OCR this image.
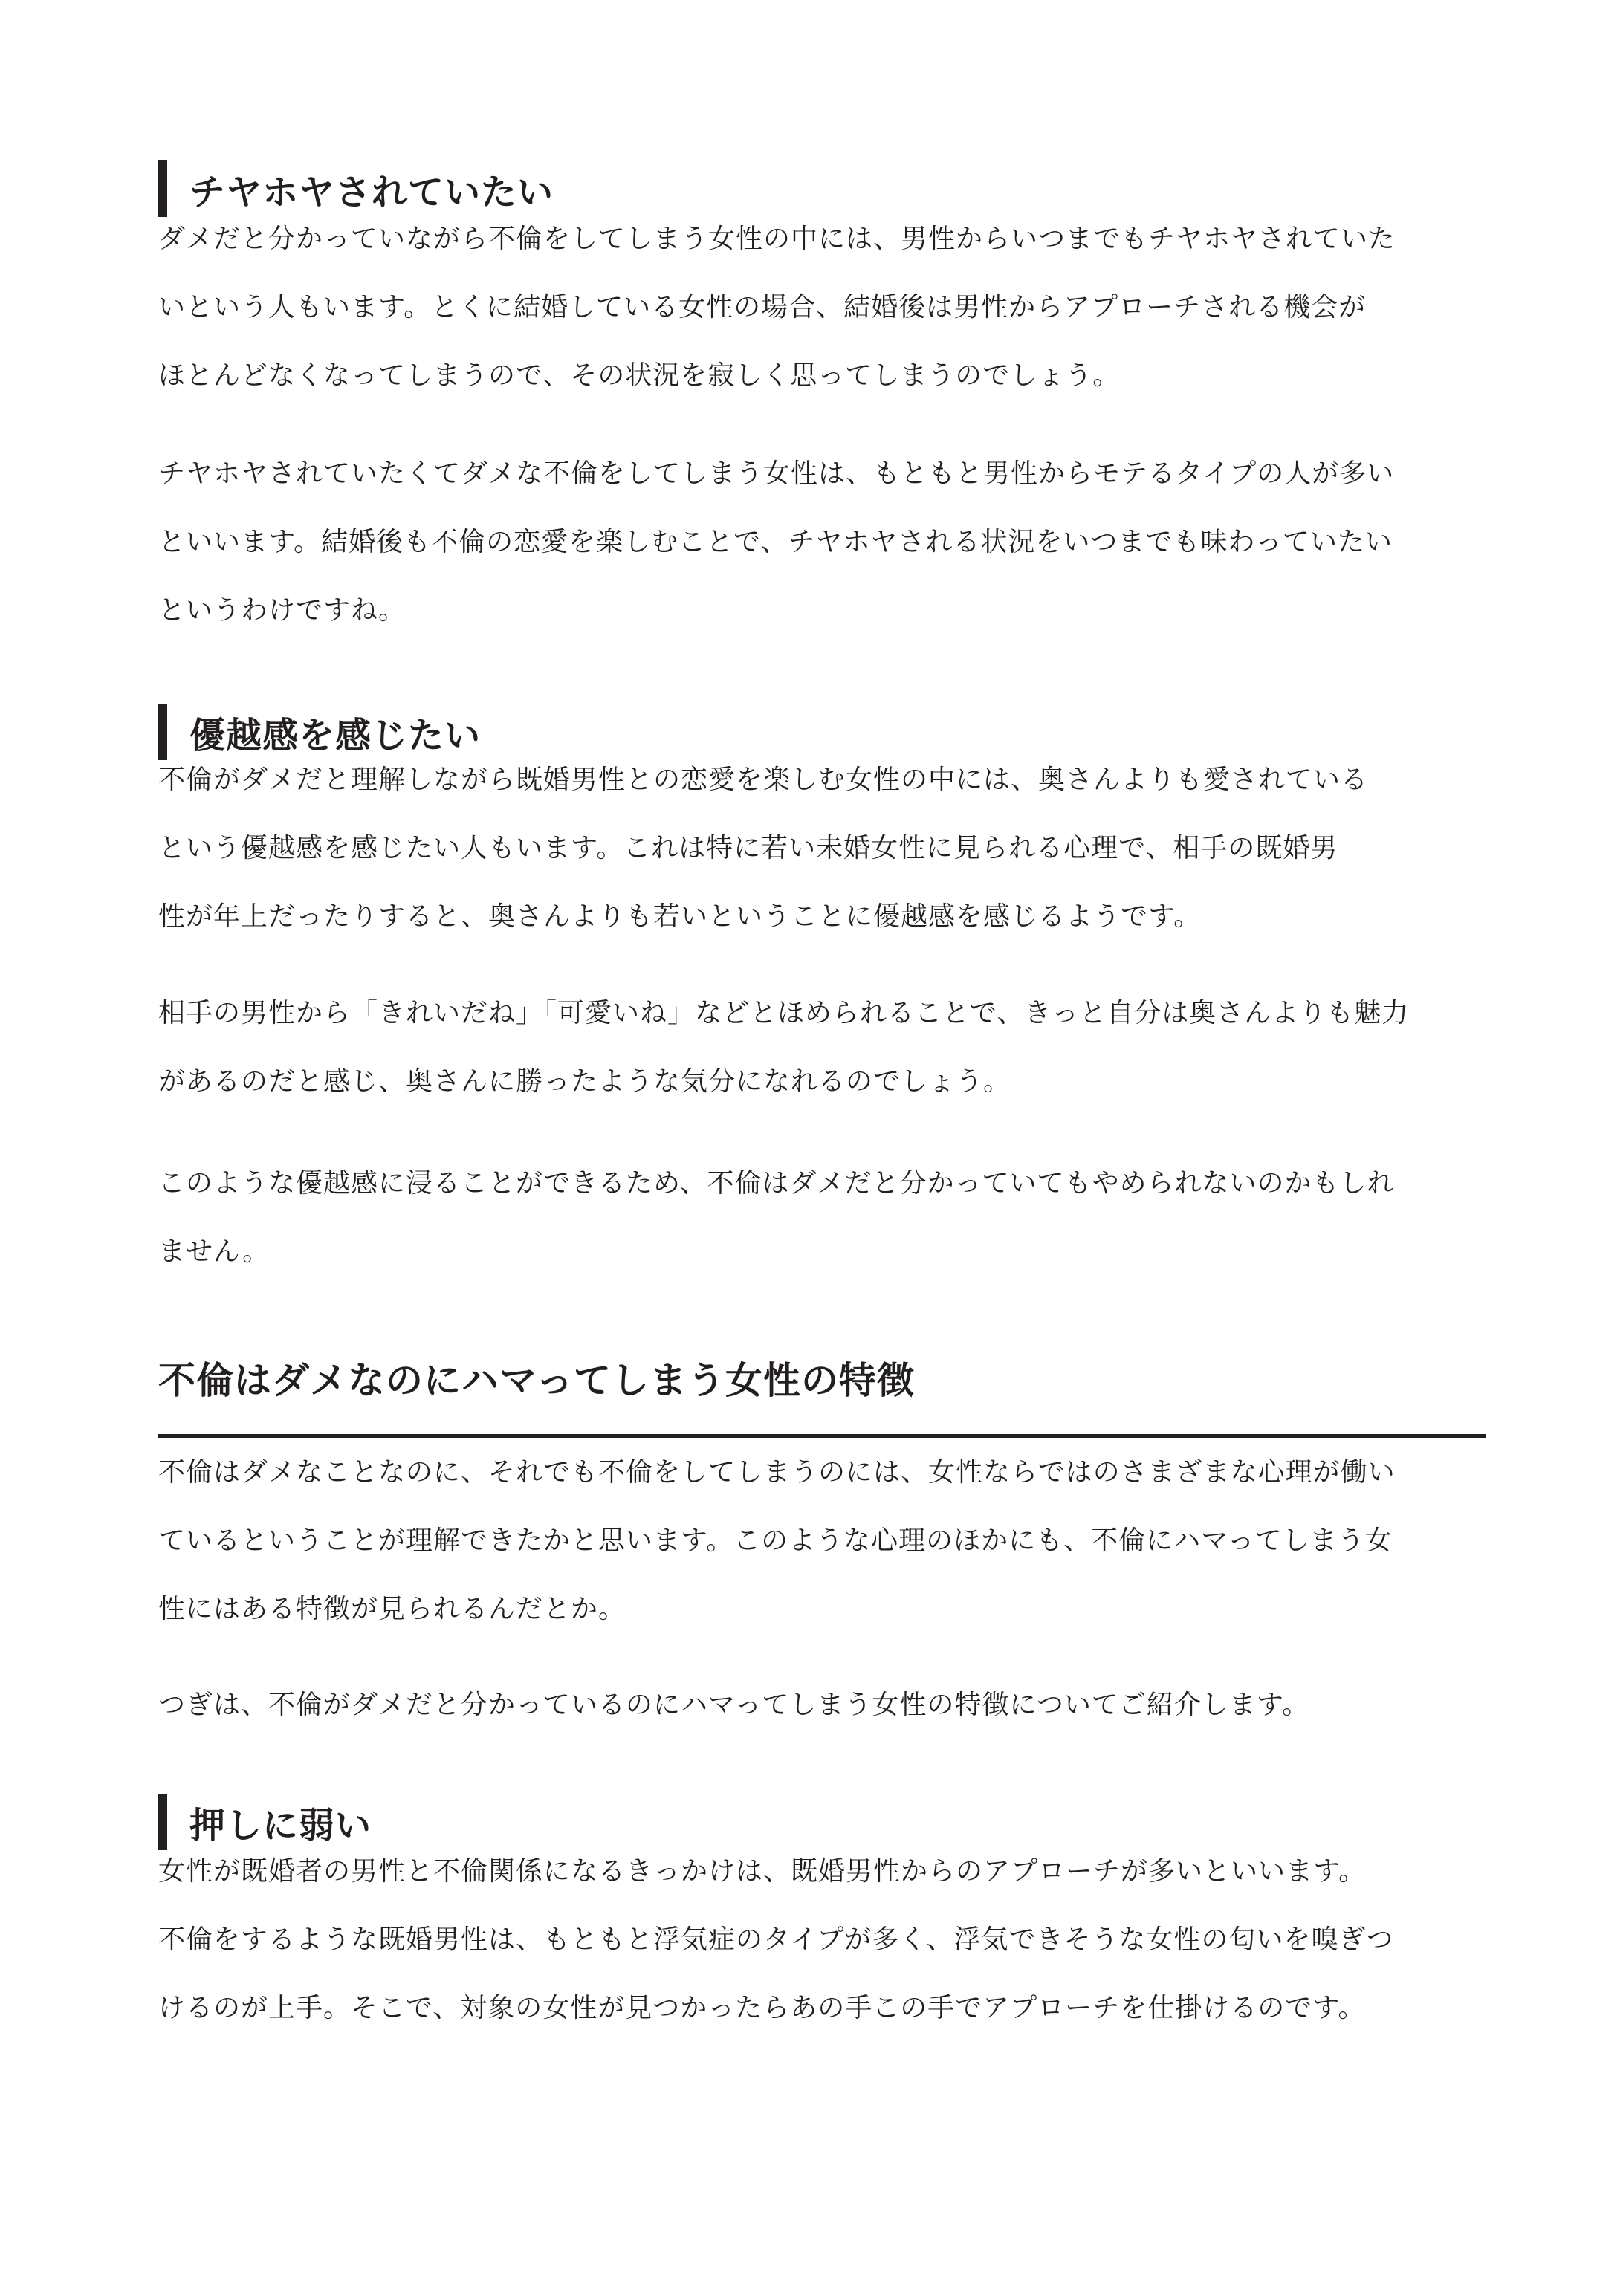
チヤホヤされていたい

ダメだと分かっていながら不倫をしてしまう女性の中には、男性からいつまでもチヤホヤされていた
いという人もいます。とくに結婚している女性の場合、結婚後は男性からアプローチされる機会が
ほとんどなくなってしまうので、その状況を寂しく思ってしまうのでしょう。

チヤホヤされていたくてダメな不倫をしてしまう女性は、もともと男性からモテるタイプの人が多い
といいます。結婚後も不倫の恋愛を楽しむことで、チヤホヤされる状況をいつまでも味わっていたい
というわけですね。

優越感を感じたい

不倫がダメだと理解しながら既婚男性との恋愛を楽しむ女性の中には、奥さんよりも愛されている
という優越感を感じたい人もいます。これは特に若い未婚女性に見られる心理で、相手の既婚男
性が年上だったりすると、奥さんよりも若いということに優越感を感じるようです。

相手の男性から「きれいだね」「可愛いね」などとほめられることで、きっと自分は奥さんよりも魅力
があるのだと感じ、奥さんに勝ったような気分になれるのでしょう。

このような優越感に浸ることができるため、不倫はダメだと分かっていてもやめられないのかもしれ
ません。

不倫はダメなのにハマってしまう女性の特徴

不倫はダメなことなのに、それでも不倫をしてしまうのには、女性ならではのさまざまな心理が働い
ているということが理解できたかと思います。このような心理のほかにも、不倫にハマってしまう女
性にはある特徴が見られるんだとか。

つぎは、不倫がダメだと分かっているのにハマってしまう女性の特徴についてご紹介します。

押しに弱い

女性が既婚者の男性と不倫関係になるきっかけは、既婚男性からのアプローチが多いといいます。
不倫をするような既婚男性は、もともと浮気症のタイプが多く、浮気できそうな女性の匂いを嗅ぎつ
けるのが上手。そこで、対象の女性が見つかったらあの手この手でアプローチを仕掛けるのです。
